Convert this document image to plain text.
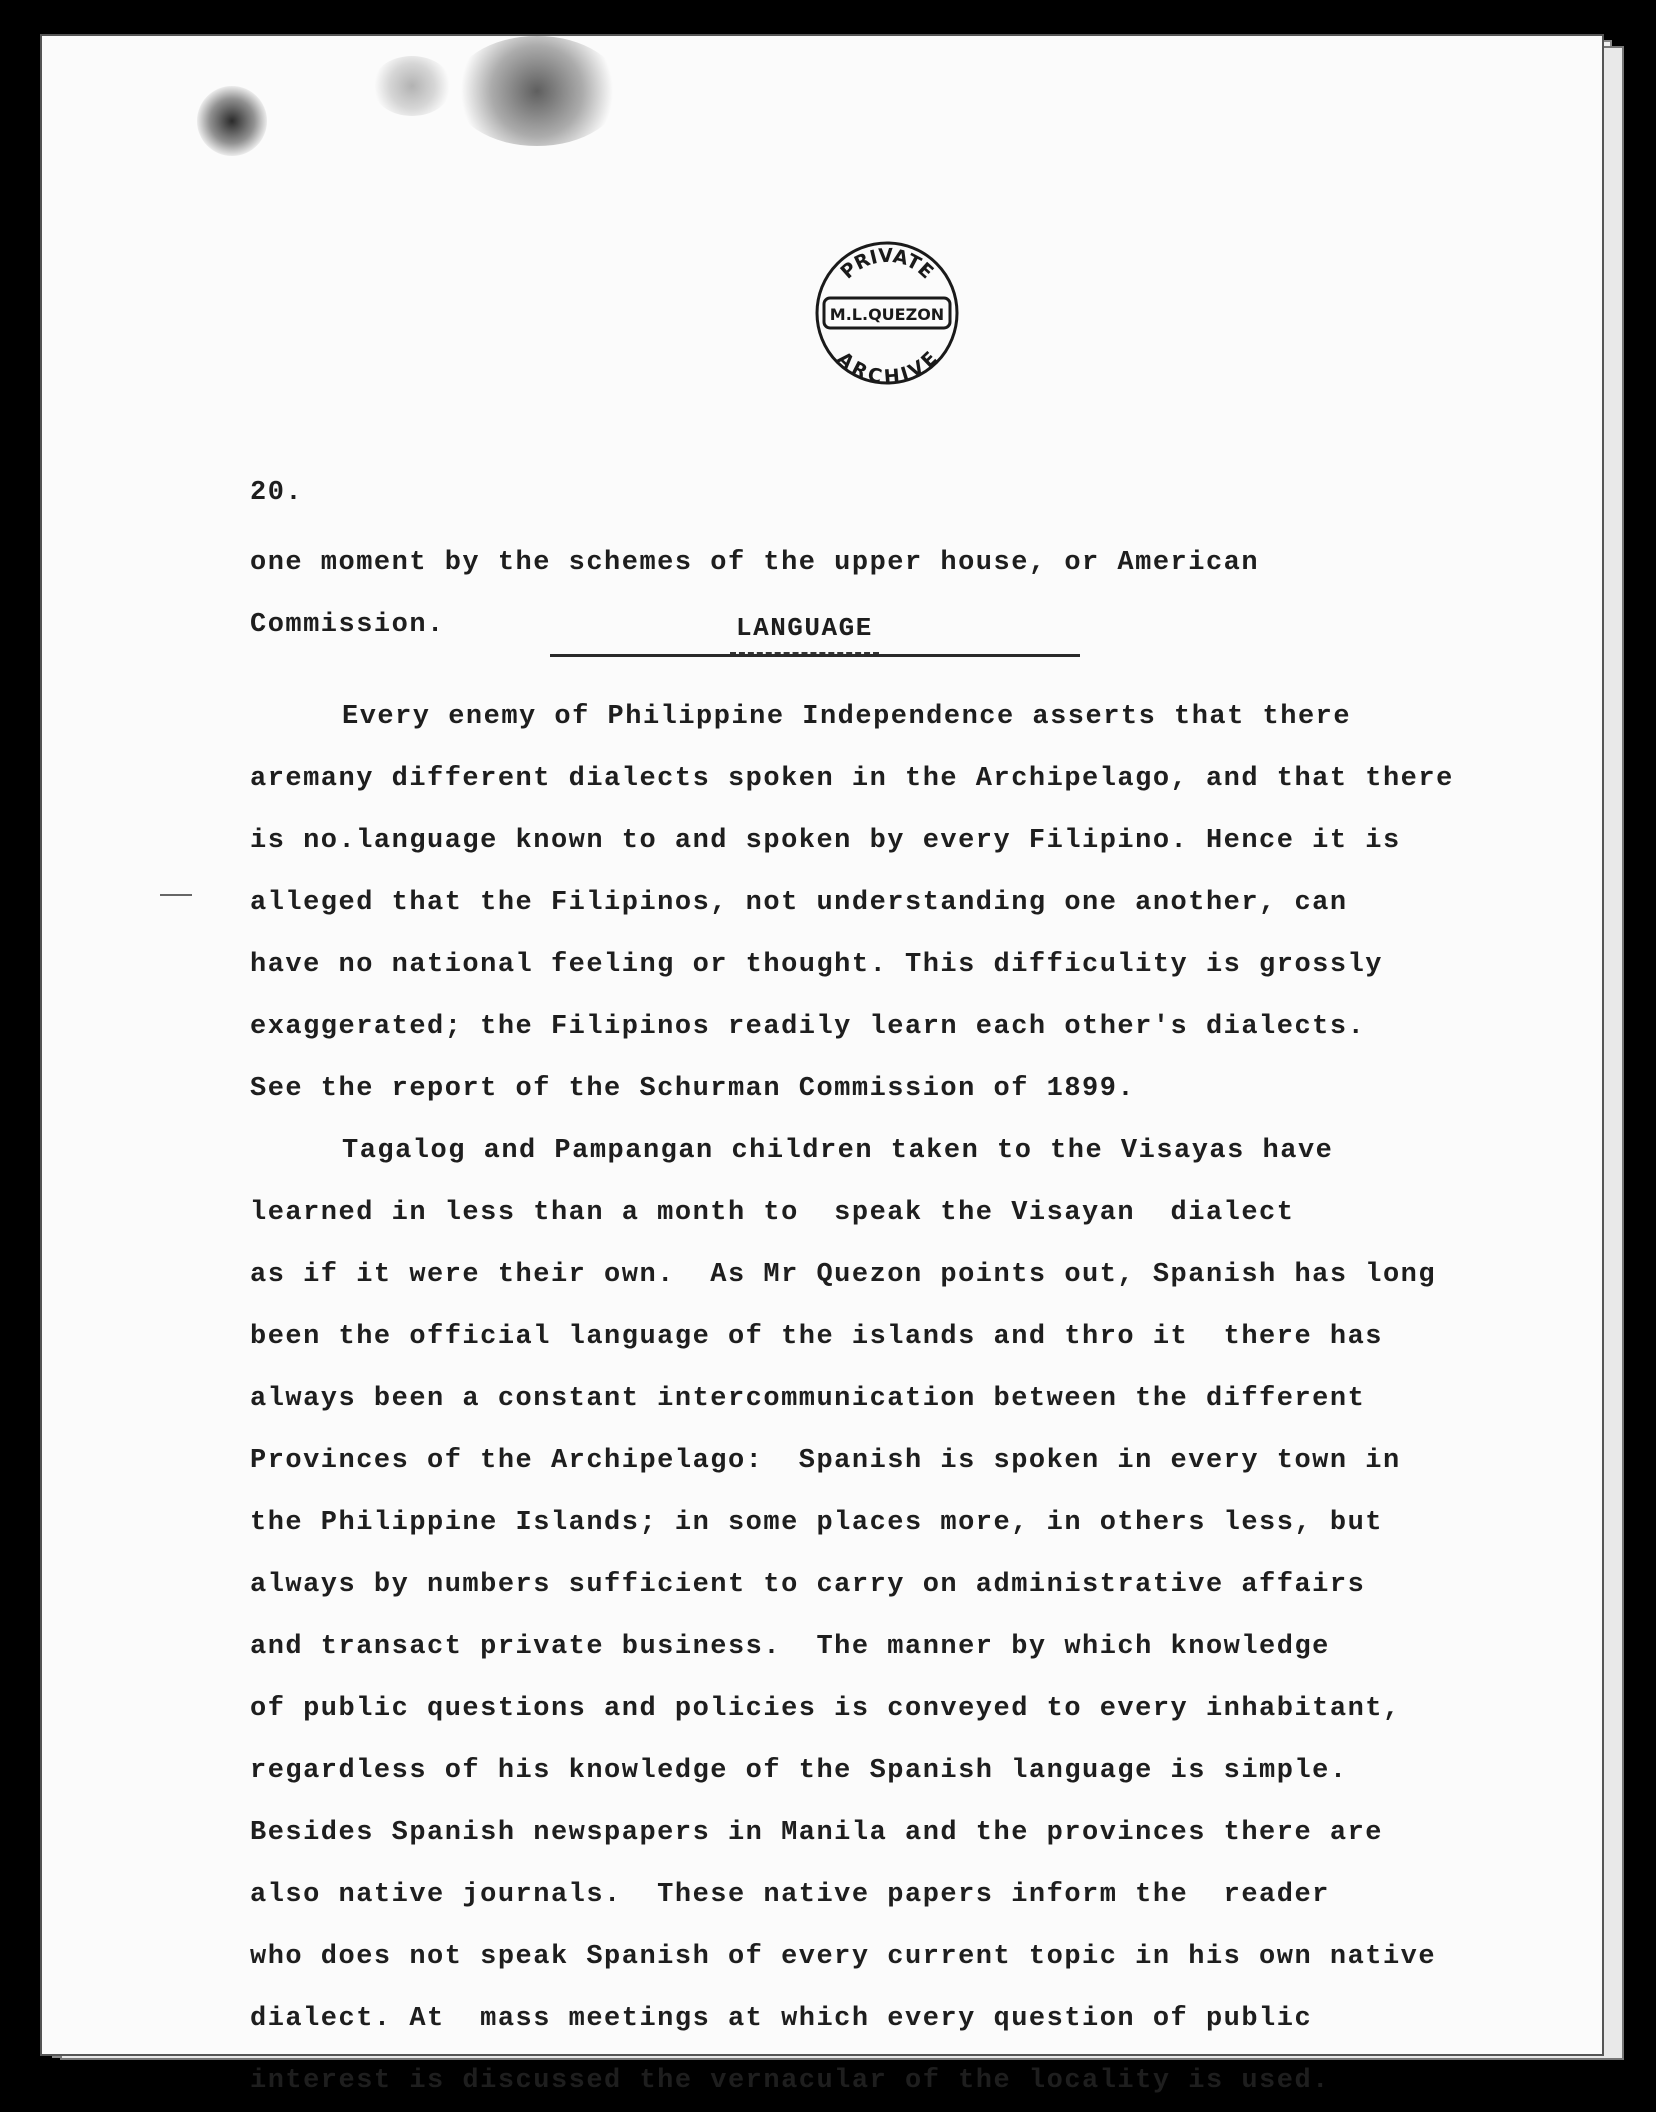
PRIVATE
M.L.QUEZON
ARCHIVE

20.

one moment by the schemes of the upper house, or American

Commission.	LANGUAGE

Every enemy of Philippine Independence asserts that there

aremany different dialects spoken in the Archipelago, and that there

is no.language known to and spoken by every Filipino. Hence it is

alleged that the Filipinos, not understanding one another, can

have no national feeling or thought. This difficulity is grossly

exaggerated; the Filipinos readily learn each other's dialects.

See the report of the Schurman Commission of 1899.

Tagalog and Pampangan children taken to the Visayas have

learned in less than a month to  speak the Visayan  dialect

as if it were their own.  As Mr Quezon points out, Spanish has long

been the official language of the islands and thro it  there has

always been a constant intercommunication between the different

Provinces of the Archipelago:  Spanish is spoken in every town in

the Philippine Islands; in some places more, in others less, but

always by numbers sufficient to carry on administrative affairs

and transact private business.  The manner by which knowledge

of public questions and policies is conveyed to every inhabitant,

regardless of his knowledge of the Spanish language is simple.

Besides Spanish newspapers in Manila and the provinces there are

also native journals.  These native papers inform the  reader

who does not speak Spanish of every current topic in his own native

dialect. At  mass meetings at which every question of public

interest is discussed the vernacular of the locality is used.
